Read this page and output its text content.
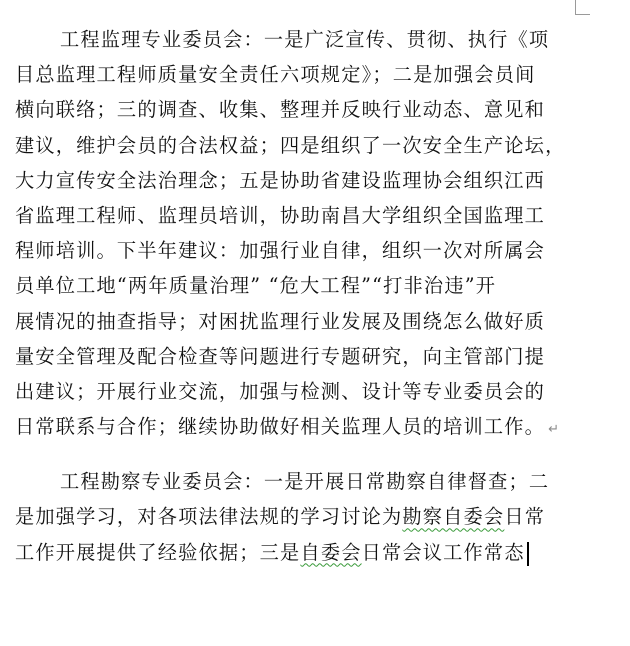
工程监理专业委员会：一是广泛宣传、贯彻、执行《项
目总监理工程师质量安全责任六项规定》；二是加强会员间
横向联络；三的调查、收集、整理并反映行业动态、意见和
建议，维护会员的合法权益；四是组织了一次安全生产论坛，
大力宣传安全法治理念；五是协助省建设监理协会组织江西
省监理工程师、监理员培训，协助南昌大学组织全国监理工
程师培训。下半年建议：加强行业自律，组织一次对所属会
员单位工地“两年质量治理” “危大工程”“打非治违”开
展情况的抽查指导；对困扰监理行业发展及围绕怎么做好质
量安全管理及配合检查等问题进行专题研究，向主管部门提
出建议；开展行业交流，加强与检测、设计等专业委员会的
日常联系与合作；继续协助做好相关监理人员的培训工作。 ↵
工程勘察专业委员会：一是开展日常勘察自律督查；二
是加强学习，对各项法律法规的学习讨论为勘察自委会日常
工作开展提供了经验依据；三是自委会日常会议工作常态
